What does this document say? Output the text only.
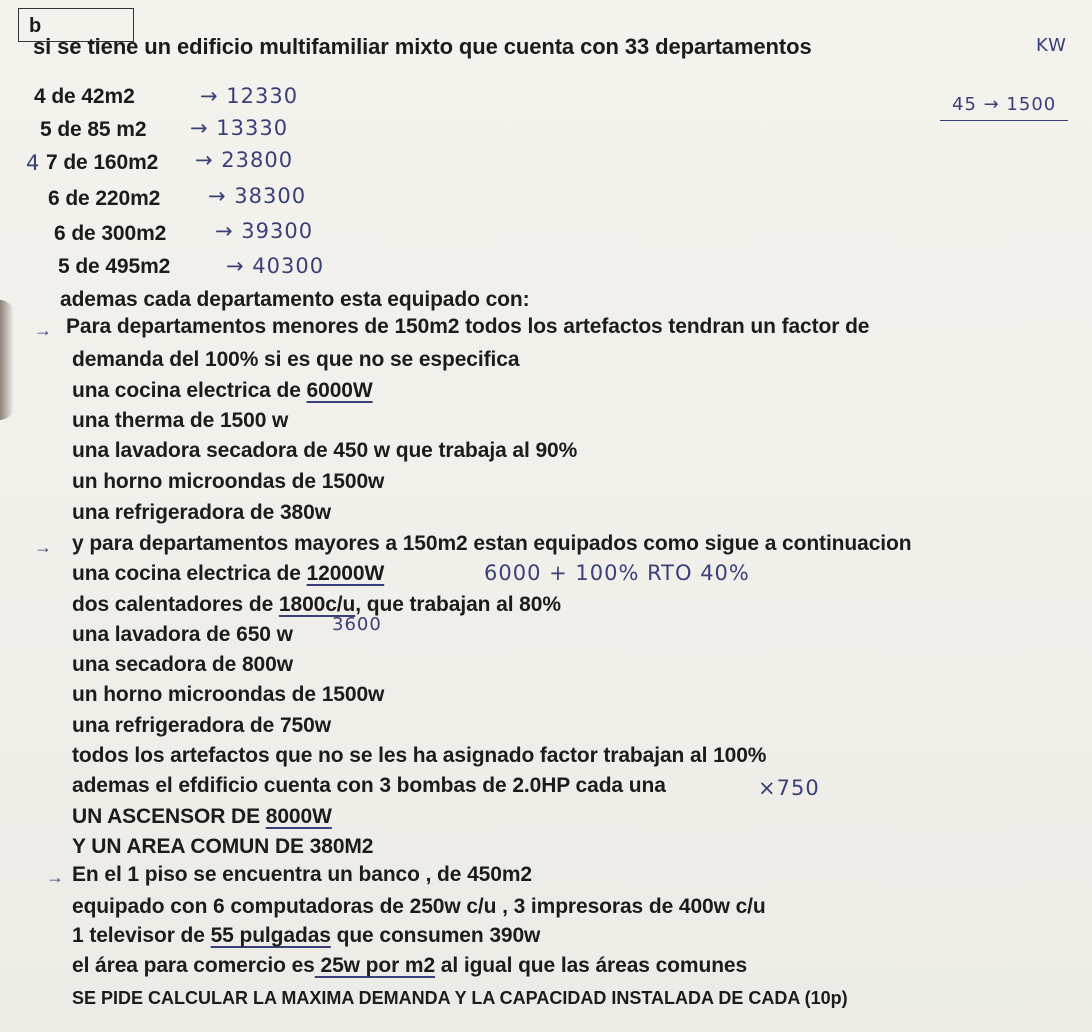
b
si se tiene un edificio multifamiliar mixto que cuenta con 33 departamentos	KW
45 → 1500
4 de 42m2	→ 12330
5 de 85 m2 → 13330
4 7 de 160m2 → 23800
6 de 220m2 → 38300
6 de 300m2 → 39300
5 de 495m2	→ 40300
ademas cada departamento esta equipado con:
→ Para departamentos menores de 150m2 todos los artefactos tendran un factor de
demanda del 100% si es que no se especifica
una cocina electrica de 6000W
una therma de 1500 w
una lavadora secadora de 450 w que trabaja al 90%
un horno microondas de 1500w
una refrigeradora de 380w
→ y para departamentos mayores a 150m2 estan equipados como sigue a continuacion
una cocina electrica de 12000W	6000 + 100% RTO 40%
dos calentadores de 1800c/u, que trabajan al 80%
3600
una lavadora de 650 w
una secadora de 800w
un horno microondas de 1500w
una refrigeradora de 750w
todos los artefactos que no se les ha asignado factor trabajan al 100%
ademas el efdificio cuenta con 3 bombas de 2.0HP cada una	×750
UN ASCENSOR DE 8000W
Y UN AREA COMUN DE 380M2
→ En el 1 piso se encuentra un banco , de 450m2
equipado con 6 computadoras de 250w c/u , 3 impresoras de 400w c/u
1 televisor de 55 pulgadas que consumen 390w
el área para comercio es 25w por m2 al igual que las áreas comunes
SE PIDE CALCULAR LA MAXIMA DEMANDA Y LA CAPACIDAD INSTALADA DE CADA (10p)
